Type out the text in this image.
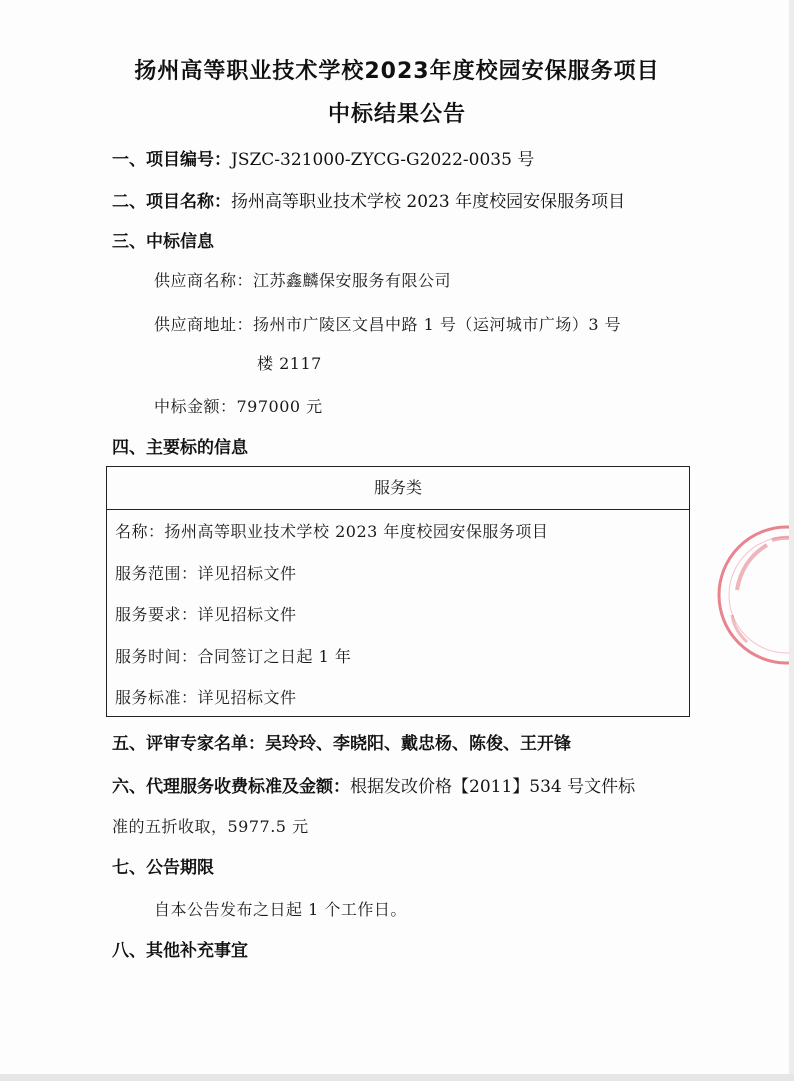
扬州高等职业技术学校2023年度校园安保服务项目
中标结果公告
一、项目编号：JSZC-321000-ZYCG-G2022-0035 号
二、项目名称：扬州高等职业技术学校 2023 年度校园安保服务项目
三、中标信息
供应商名称：江苏鑫麟保安服务有限公司
供应商地址：扬州市广陵区文昌中路 1 号（运河城市广场）3 号
楼 2117
中标金额：797000 元
四、主要标的信息
服务类
名称：扬州高等职业技术学校 2023 年度校园安保服务项目
服务范围：详见招标文件
服务要求：详见招标文件
服务时间：合同签订之日起 1 年
服务标准：详见招标文件
五、评审专家名单：吴玲玲、李晓阳、戴忠杨、陈俊、王开锋
六、代理服务收费标准及金额：根据发改价格【2011】534 号文件标
准的五折收取，5977.5 元
七、公告期限
自本公告发布之日起 1 个工作日。
八、其他补充事宜
